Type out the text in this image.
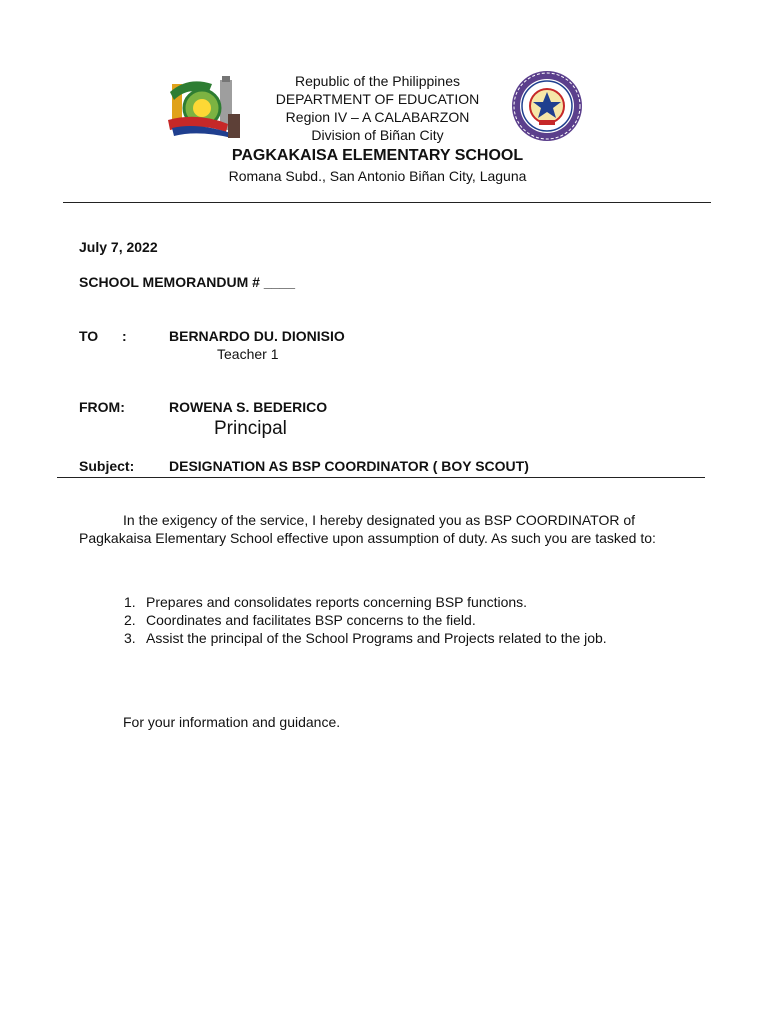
Republic of the Philippines
DEPARTMENT OF EDUCATION
Region IV – A CALABARZON
Division of Biñan City
PAGKAKAISA ELEMENTARY SCHOOL
Romana Subd., San Antonio Biñan City, Laguna
July 7, 2022
SCHOOL MEMORANDUM # ____
TO :	BERNARDO DU. DIONISIO
Teacher 1
FROM:	ROWENA S. BEDERICO
Principal
Subject: DESIGNATION AS BSP COORDINATOR ( BOY SCOUT)
In the exigency of the service, I hereby designated you as BSP COORDINATOR of Pagkakaisa Elementary School effective upon assumption of duty. As such you are tasked to:
1. Prepares and consolidates reports concerning BSP functions.
2. Coordinates and facilitates BSP concerns to the field.
3. Assist the principal of the School Programs and Projects related to the job.
For your information and guidance.
